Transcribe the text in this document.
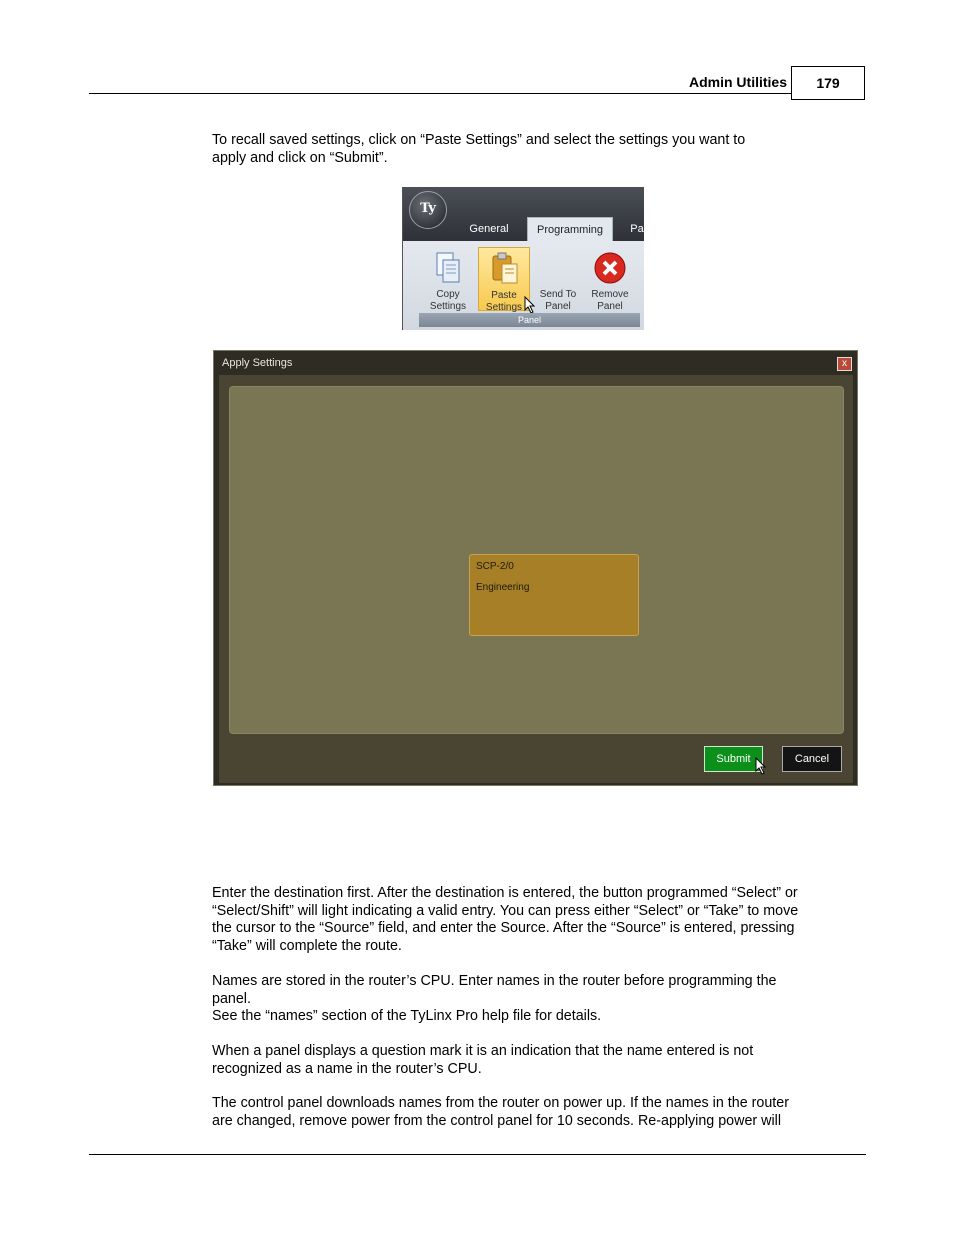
Admin Utilities	179

To recall saved settings, click on “Paste Settings” and select the settings you want to
apply and click on “Submit”.

Ty
General	Programming	Pa
Copy
Settings
Paste
Settings
Send To
Panel
Remove
Panel
Panel
Apply Settings	x
SCP-2/0
Engineering
Submit	Cancel

Enter the destination first. After the destination is entered, the button programmed “Select” or
“Select/Shift” will light indicating a valid entry. You can press either “Select” or “Take” to move
the cursor to the “Source” field, and enter the Source. After the “Source” is entered, pressing
“Take” will complete the route.

Names are stored in the router’s CPU. Enter names in the router before programming the
panel.
See the “names” section of the TyLinx Pro help file for details.

When a panel displays a question mark it is an indication that the name entered is not
recognized as a name in the router’s CPU.

The control panel downloads names from the router on power up. If the names in the router
are changed, remove power from the control panel for 10 seconds. Re-applying power will
